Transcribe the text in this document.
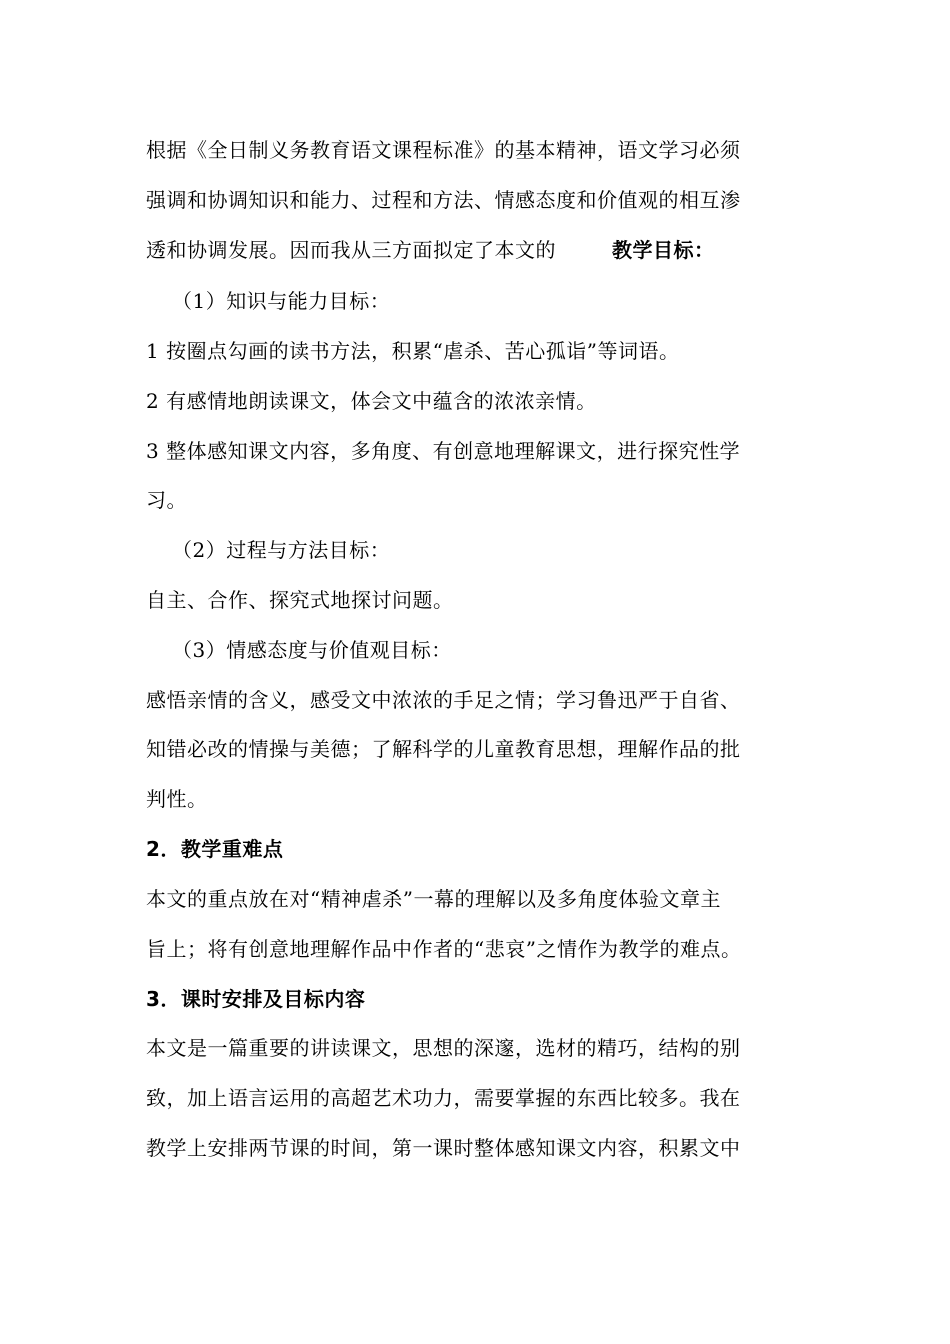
根据《全日制义务教育语文课程标准》的基本精神，语文学习必须
强调和协调知识和能力、过程和方法、情感态度和价值观的相互渗
透和协调发展。因而我从三方面拟定了本文的	教学目标：
（1）知识与能力目标：
1 按圈点勾画的读书方法，积累“虐杀、苦心孤诣”等词语。
2 有感情地朗读课文，体会文中蕴含的浓浓亲情。
3 整体感知课文内容，多角度、有创意地理解课文，进行探究性学
习。
（2）过程与方法目标：
自主、合作、探究式地探讨问题。
（3）情感态度与价值观目标：
感悟亲情的含义，感受文中浓浓的手足之情；学习鲁迅严于自省、
知错必改的情操与美德；了解科学的儿童教育思想，理解作品的批
判性。
2．教学重难点
本文的重点放在对“精神虐杀”一幕的理解以及多角度体验文章主
旨上；将有创意地理解作品中作者的“悲哀”之情作为教学的难点。
3．课时安排及目标内容
本文是一篇重要的讲读课文，思想的深邃，选材的精巧，结构的别
致，加上语言运用的高超艺术功力，需要掌握的东西比较多。我在
教学上安排两节课的时间，第一课时整体感知课文内容，积累文中
